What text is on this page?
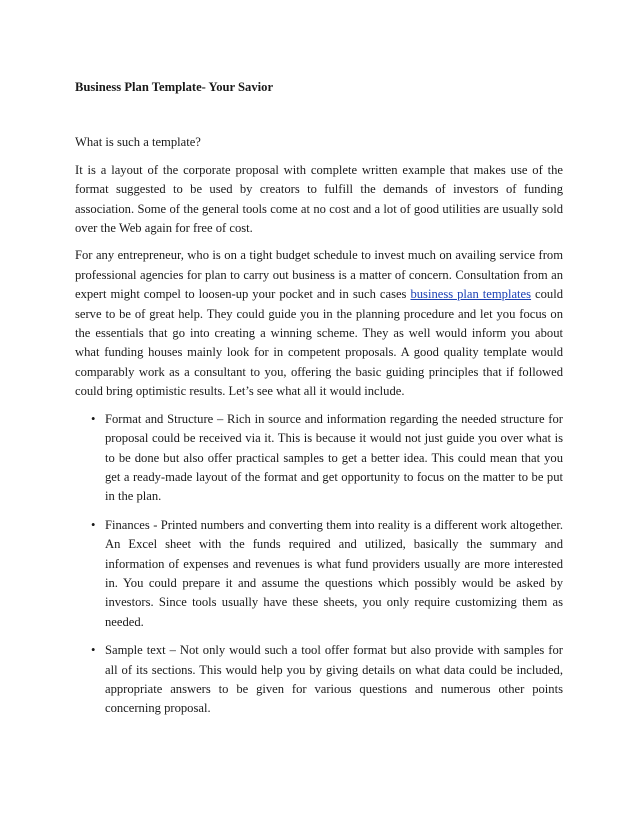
Business Plan Template- Your Savior
What is such a template?

It is a layout of the corporate proposal with complete written example that makes use of the format suggested to be used by creators to fulfill the demands of investors of funding association. Some of the general tools come at no cost and a lot of good utilities are usually sold over the Web again for free of cost.

For any entrepreneur, who is on a tight budget schedule to invest much on availing service from professional agencies for plan to carry out business is a matter of concern. Consultation from an expert might compel to loosen-up your pocket and in such cases business plan templates could serve to be of great help. They could guide you in the planning procedure and let you focus on the essentials that go into creating a winning scheme. They as well would inform you about what funding houses mainly look for in competent proposals. A good quality template would comparably work as a consultant to you, offering the basic guiding principles that if followed could bring optimistic results. Let’s see what all it would include.

• Format and Structure – Rich in source and information regarding the needed structure for proposal could be received via it. This is because it would not just guide you over what is to be done but also offer practical samples to get a better idea. This could mean that you get a ready-made layout of the format and get opportunity to focus on the matter to be put in the plan.
• Finances - Printed numbers and converting them into reality is a different work altogether. An Excel sheet with the funds required and utilized, basically the summary and information of expenses and revenues is what fund providers usually are more interested in. You could prepare it and assume the questions which possibly would be asked by investors. Since tools usually have these sheets, you only require customizing them as needed.
• Sample text – Not only would such a tool offer format but also provide with samples for all of its sections. This would help you by giving details on what data could be included, appropriate answers to be given for various questions and numerous other points concerning proposal.
